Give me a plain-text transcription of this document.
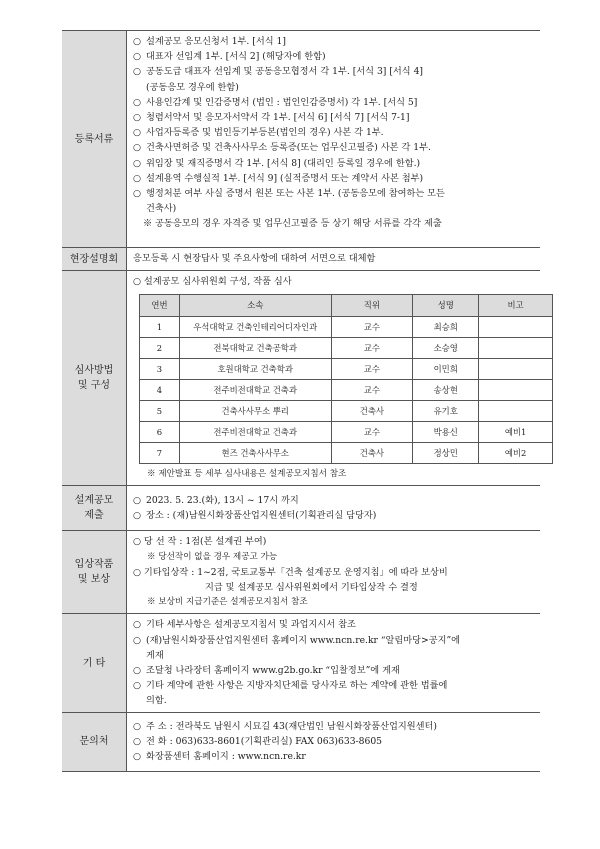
등록서류	
○ 설계공모 응모신청서 1부. [서식 1]
○ 대표자 선임계 1부. [서식 2] (해당자에 한함)
○ 공동도급 대표자 선임계 및 공동응모협정서 각 1부. [서식 3] [서식 4]
(공동응모 경우에 한함)
○ 사용인감계 및 인감증명서 (법인 : 법인인감증명서) 각 1부. [서식 5]
○ 청렴서약서 및 응모자서약서 각 1부. [서식 6] [서식 7] [서식 7-1]
○ 사업자등록증 및 법인등기부등본(법인의 경우) 사본 각 1부.
○ 건축사면허증 및 건축사사무소 등록증(또는 업무신고필증) 사본 각 1부.
○ 위임장 및 재직증명서 각 1부. [서식 8] (대리인 등록일 경우에 한함.)
○ 설계용역 수행실적 1부. [서식 9] (실적증명서 또는 계약서 사본 첨부)
○ 행정처분 여부 사실 증명서 원본 또는 사본 1부. (공동응모에 참여하는 모든
건축사)
※ 공동응모의 경우 자격증 및 업무신고필증 등 상기 해당 서류를 각각 제출

현장설명회	응모등록 시 현장답사 및 주요사항에 대하여 서면으로 대체함
심사방법
및 구성	
○ 설계공모 심사위원회 구성, 작품 심사
연번	소속	직위	성명	비고
1	우석대학교 건축인테리어디자인과	교수	최승희	
2	전북대학교 건축공학과	교수	소승영	
3	호원대학교 건축학과	교수	이민희	
4	전주비전대학교 건축과	교수	송상현	
5	건축사사무소 뿌리	건축사	유기호	
6	전주비전대학교 건축과	교수	박용신	예비1
7	현즈 건축사사무소	건축사	정상민	예비2
※ 제안발표 등 세부 심사내용은 설계공모지침서 참조

설계공모
제출	
○ 2023. 5. 23.(화), 13시 ~ 17시 까지
○ 장소 : (재)남원시화장품산업지원센터(기획관리실 담당자)

입상작품
및 보상	
○ 당 선 작 : 1점(본 설계권 부여)
※ 당선작이 없을 경우 제공고 가능
○ 기타입상작 : 1~2점, 국토교통부「건축 설계공모 운영지침」에 따라 보상비
지급 및 설계공모 심사위원회에서 기타입상작 수 결정
※ 보상비 지급기준은 설계공모지침서 참조

기 타	
○ 기타 세부사항은 설계공모지침서 및 과업지시서 참조
○ (재)남원시화장품산업지원센터 홈페이지 www.ncn.re.kr “알림마당>공지”에
게재
○ 조달청 나라장터 홈페이지 www.g2b.go.kr “입찰정보”에 게재
○ 기타 계약에 관한 사항은 지방자치단체를 당사자로 하는 계약에 관한 법률에
의함.

문의처	
○ 주 소 : 전라북도 남원시 시묘길 43(재단법인 남원시화장품산업지원센터)
○ 전 화 : 063)633-8601(기획관리실) FAX 063)633-8605
○ 화장품센터 홈페이지 : www.ncn.re.kr
